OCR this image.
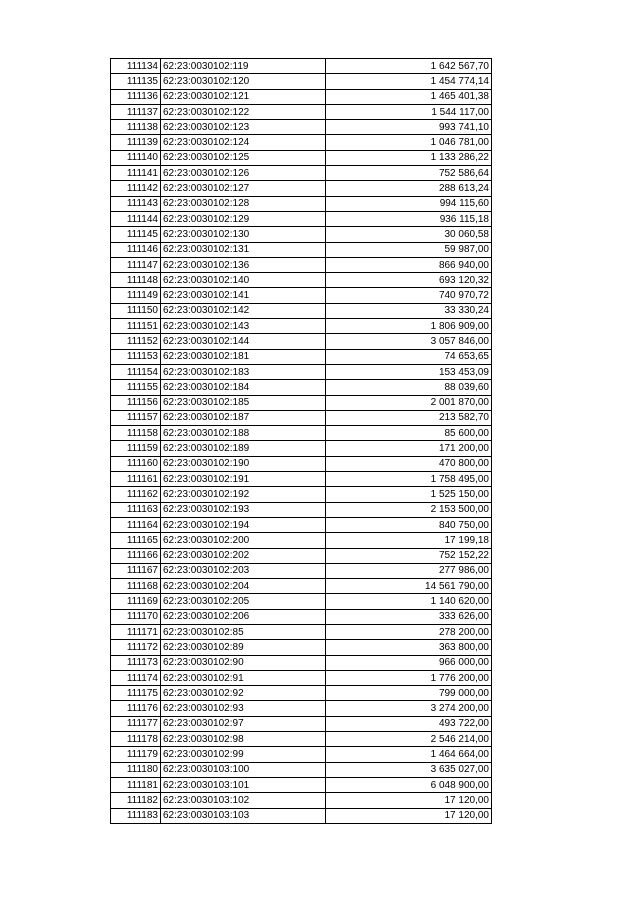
111134	62:23:0030102:119	1 642 567,70
111135	62:23:0030102:120	1 454 774,14
111136	62:23:0030102:121	1 465 401,38
111137	62:23:0030102:122	1 544 117,00
111138	62:23:0030102:123	993 741,10
111139	62:23:0030102:124	1 046 781,00
111140	62:23:0030102:125	1 133 286,22
111141	62:23:0030102:126	752 586,64
111142	62:23:0030102:127	288 613,24
111143	62:23:0030102:128	994 115,60
111144	62:23:0030102:129	936 115,18
111145	62:23:0030102:130	30 060,58
111146	62:23:0030102:131	59 987,00
111147	62:23:0030102:136	866 940,00
111148	62:23:0030102:140	693 120,32
111149	62:23:0030102:141	740 970,72
111150	62:23:0030102:142	33 330,24
111151	62:23:0030102:143	1 806 909,00
111152	62:23:0030102:144	3 057 846,00
111153	62:23:0030102:181	74 653,65
111154	62:23:0030102:183	153 453,09
111155	62:23:0030102:184	88 039,60
111156	62:23:0030102:185	2 001 870,00
111157	62:23:0030102:187	213 582,70
111158	62:23:0030102:188	85 600,00
111159	62:23:0030102:189	171 200,00
111160	62:23:0030102:190	470 800,00
111161	62:23:0030102:191	1 758 495,00
111162	62:23:0030102:192	1 525 150,00
111163	62:23:0030102:193	2 153 500,00
111164	62:23:0030102:194	840 750,00
111165	62:23:0030102:200	17 199,18
111166	62:23:0030102:202	752 152,22
111167	62:23:0030102:203	277 986,00
111168	62:23:0030102:204	14 561 790,00
111169	62:23:0030102:205	1 140 620,00
111170	62:23:0030102:206	333 626,00
111171	62:23:0030102:85	278 200,00
111172	62:23:0030102:89	363 800,00
111173	62:23:0030102:90	966 000,00
111174	62:23:0030102:91	1 776 200,00
111175	62:23:0030102:92	799 000,00
111176	62:23:0030102:93	3 274 200,00
111177	62:23:0030102:97	493 722,00
111178	62:23:0030102:98	2 546 214,00
111179	62:23:0030102:99	1 464 664,00
111180	62:23:0030103:100	3 635 027,00
111181	62:23:0030103:101	6 048 900,00
111182	62:23:0030103:102	17 120,00
111183	62:23:0030103:103	17 120,00
